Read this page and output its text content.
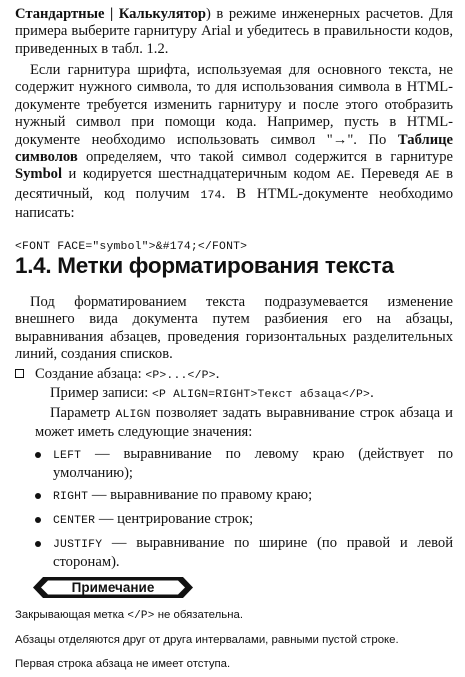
Стандартные | Калькулятор) в режиме инженерных расчетов. Для примера выберите гарнитуру Arial и убедитесь в правильности кодов, приведенных в табл. 1.2.

Если гарнитура шрифта, используемая для основного текста, не содержит нужного символа, то для использования символа в HTML-документе требуется изменить гарнитуру и после этого отобразить нужный символ при помощи кода. Например, пусть в HTML-документе необходимо использовать символ "→". По Таблице символов определяем, что такой символ содержится в гарнитуре Symbol и кодируется шестнадцатеричным кодом AE. Переведя AE в десятичный, код получим 174. В HTML-документе необходимо написать:

<FONT FACE="symbol">&#174;</FONT>
1.4. Метки форматирования текста

Под форматированием текста подразумевается изменение внешнего вида документа путем разбиения его на абзацы, выравнивания абзацев, проведения горизонтальных разделительных линий, создания списков.

Создание абзаца: <P>...</P>.

Пример записи: <P ALIGN=RIGHT>Текст абзаца</P>.

Параметр ALIGN позволяет задать выравнивание строк абзаца и может иметь следующие значения:

LEFT — выравнивание по левому краю (действует по умолчанию);

RIGHT — выравнивание по правому краю;

CENTER — центрирование строк;

JUSTIFY — выравнивание по ширине (по правой и левой сторонам).

Примечание
Закрывающая метка </P> не обязательна.
Абзацы отделяются друг от друга интервалами, равными пустой строке.
Первая строка абзаца не имеет отступа.
